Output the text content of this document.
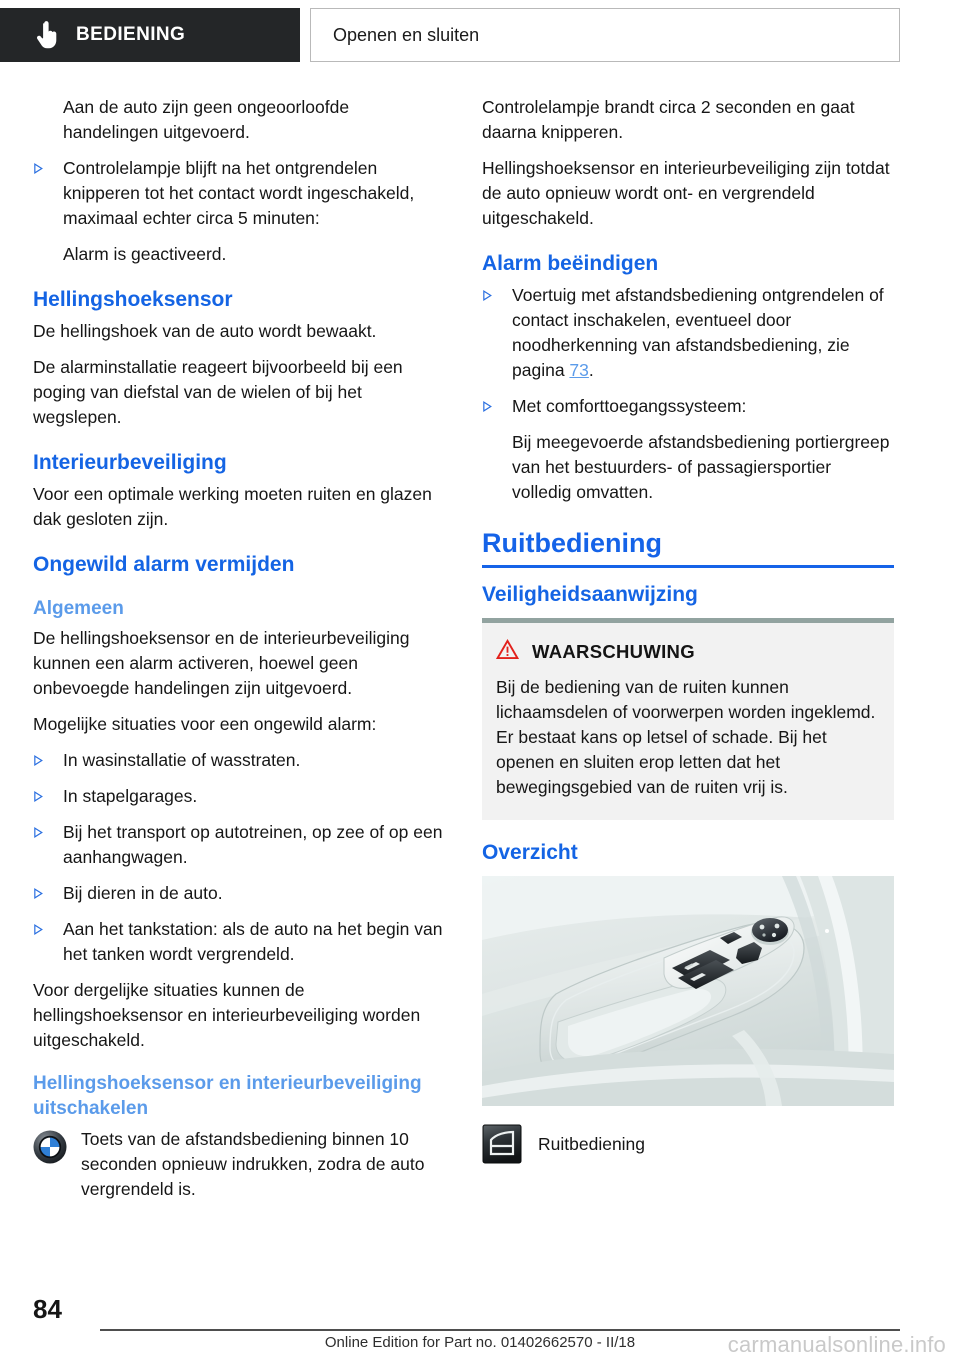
BEDIENING	Openen en sluiten

Aan de auto zijn geen ongeoorloofde handelingen uitgevoerd.

Controlelampje blijft na het ontgrendelen knipperen tot het contact wordt ingeschakeld, maximaal echter circa 5 minuten:

Alarm is geactiveerd.

Hellingshoeksensor

De hellingshoek van de auto wordt bewaakt.

De alarminstallatie reageert bijvoorbeeld bij een poging van diefstal van de wielen of bij het wegslepen.

Interieurbeveiliging

Voor een optimale werking moeten ruiten en glazen dak gesloten zijn.

Ongewild alarm vermijden
Algemeen

De hellingshoeksensor en de interieurbeveiliging kunnen een alarm activeren, hoewel geen onbevoegde handelingen zijn uitgevoerd.

Mogelijke situaties voor een ongewild alarm:

In wasinstallatie of wasstraten.
In stapelgarages.
Bij het transport op autotreinen, op zee of op een aanhangwagen.
Bij dieren in de auto.
Aan het tankstation: als de auto na het begin van het tanken wordt vergrendeld.

Voor dergelijke situaties kunnen de hellingshoeksensor en interieurbeveiliging worden uitgeschakeld.

Hellingshoeksensor en interieurbeveiliging uitschakelen
Toets van de afstandsbediening binnen 10 seconden opnieuw indrukken, zodra de auto vergrendeld is.

Controlelampje brandt circa 2 seconden en gaat daarna knipperen.

Hellingshoeksensor en interieurbeveiliging zijn totdat de auto opnieuw wordt ont- en vergrendeld uitgeschakeld.

Alarm beëindigen
Voertuig met afstandsbediening ontgrendelen of contact inschakelen, eventueel door noodherkenning van afstandsbediening, zie pagina 73.
Met comforttoegangssysteem:

Bij meegevoerde afstandsbediening portiergreep van het bestuurders- of passagiersportier volledig omvatten.

Ruitbediening
Veiligheidsaanwijzing
WAARSCHUWING
Bij de bediening van de ruiten kunnen lichaamsdelen of voorwerpen worden ingeklemd. Er bestaat kans op letsel of schade. Bij het openen en sluiten erop letten dat het bewegingsgebied van de ruiten vrij is.
Overzicht
Ruitbediening
84
Online Edition for Part no. 01402662570 - II/18	carmanualsonline.info
